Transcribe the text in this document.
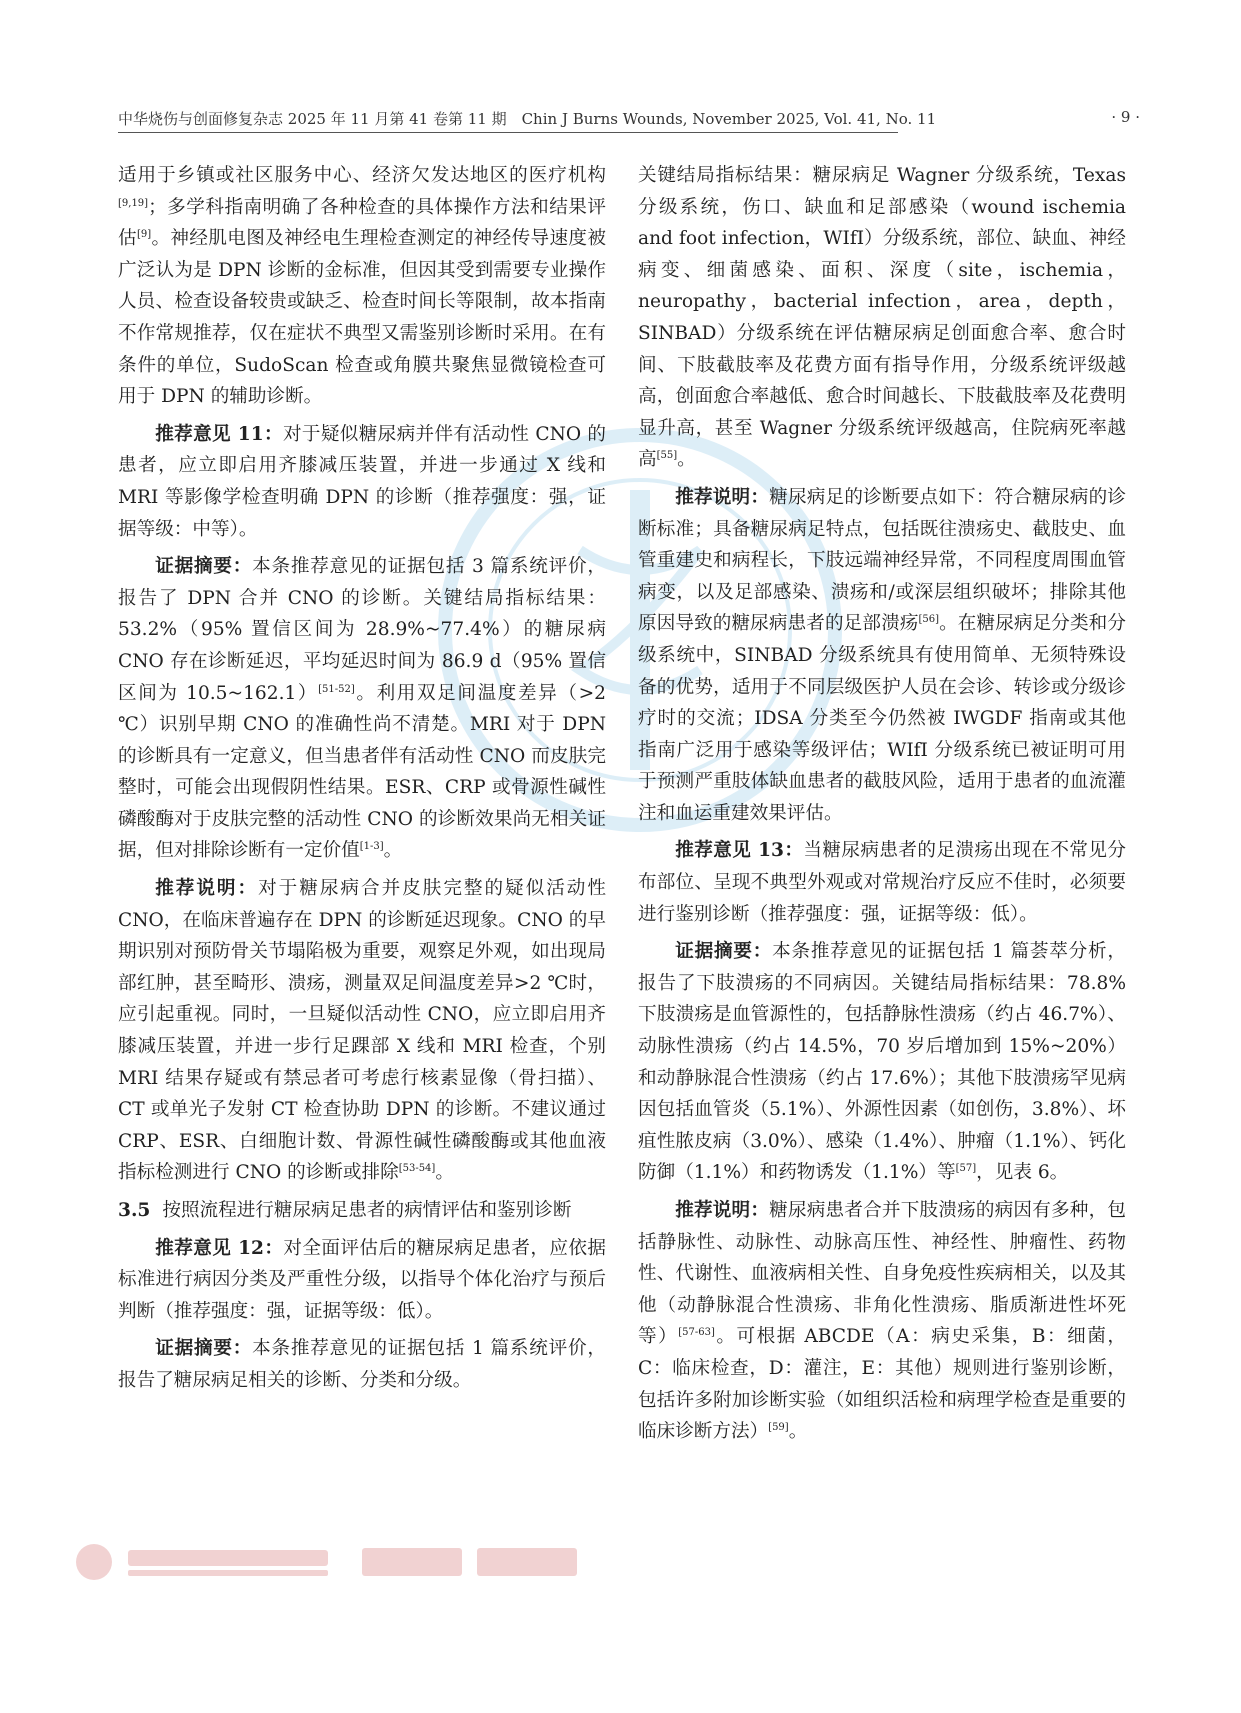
中华烧伤与创面修复杂志 2025 年 11 月第 41 卷第 11 期　Chin J Burns Wounds, November 2025, Vol. 41, No. 11	· 9 ·

适用于乡镇或社区服务中心、经济欠发达地区的医疗机构[9,19]；多学科指南明确了各种检查的具体操作方法和结果评估[9]。神经肌电图及神经电生理检查测定的神经传导速度被广泛认为是 DPN 诊断的金标准，但因其受到需要专业操作人员、检查设备较贵或缺乏、检查时间长等限制，故本指南不作常规推荐，仅在症状不典型又需鉴别诊断时采用。在有条件的单位，SudoScan 检查或角膜共聚焦显微镜检查可用于 DPN 的辅助诊断。

推荐意见 11：对于疑似糖尿病并伴有活动性 CNO 的患者，应立即启用齐膝减压装置，并进一步通过 X 线和 MRI 等影像学检查明确 DPN 的诊断（推荐强度：强，证据等级：中等）。

证据摘要：本条推荐意见的证据包括 3 篇系统评价，报告了 DPN 合并 CNO 的诊断。关键结局指标结果：53.2%（95% 置信区间为 28.9%~77.4%）的糖尿病 CNO 存在诊断延迟，平均延迟时间为 86.9 d（95% 置信区间为 10.5~162.1）[51-52]。利用双足间温度差异（>2 ℃）识别早期 CNO 的准确性尚不清楚。MRI 对于 DPN 的诊断具有一定意义，但当患者伴有活动性 CNO 而皮肤完整时，可能会出现假阴性结果。ESR、CRP 或骨源性碱性磷酸酶对于皮肤完整的活动性 CNO 的诊断效果尚无相关证据，但对排除诊断有一定价值[1-3]。

推荐说明：对于糖尿病合并皮肤完整的疑似活动性 CNO，在临床普遍存在 DPN 的诊断延迟现象。CNO 的早期识别对预防骨关节塌陷极为重要，观察足外观，如出现局部红肿，甚至畸形、溃疡，测量双足间温度差异>2 ℃时，应引起重视。同时，一旦疑似活动性 CNO，应立即启用齐膝减压装置，并进一步行足踝部 X 线和 MRI 检查，个别 MRI 结果存疑或有禁忌者可考虑行核素显像（骨扫描）、CT 或单光子发射 CT 检查协助 DPN 的诊断。不建议通过 CRP、ESR、白细胞计数、骨源性碱性磷酸酶或其他血液指标检测进行 CNO 的诊断或排除[53-54]。

3.5 按照流程进行糖尿病足患者的病情评估和鉴别诊断

推荐意见 12：对全面评估后的糖尿病足患者，应依据标准进行病因分类及严重性分级，以指导个体化治疗与预后判断（推荐强度：强，证据等级：低）。

证据摘要：本条推荐意见的证据包括 1 篇系统评价，报告了糖尿病足相关的诊断、分类和分级。

关键结局指标结果：糖尿病足 Wagner 分级系统，Texas 分级系统，伤口、缺血和足部感染（wound ischemia and foot infection，WIfI）分级系统，部位、缺血、神经病变、细菌感染、面积、深度（site，ischemia，neuropathy，bacterial infection，area，depth，SINBAD）分级系统在评估糖尿病足创面愈合率、愈合时间、下肢截肢率及花费方面有指导作用，分级系统评级越高，创面愈合率越低、愈合时间越长、下肢截肢率及花费明显升高，甚至 Wagner 分级系统评级越高，住院病死率越高[55]。

推荐说明：糖尿病足的诊断要点如下：符合糖尿病的诊断标准；具备糖尿病足特点，包括既往溃疡史、截肢史、血管重建史和病程长，下肢远端神经异常，不同程度周围血管病变，以及足部感染、溃疡和/或深层组织破坏；排除其他原因导致的糖尿病患者的足部溃疡[56]。在糖尿病足分类和分级系统中，SINBAD 分级系统具有使用简单、无须特殊设备的优势，适用于不同层级医护人员在会诊、转诊或分级诊疗时的交流；IDSA 分类至今仍然被 IWGDF 指南或其他指南广泛用于感染等级评估；WIfI 分级系统已被证明可用于预测严重肢体缺血患者的截肢风险，适用于患者的血流灌注和血运重建效果评估。

推荐意见 13：当糖尿病患者的足溃疡出现在不常见分布部位、呈现不典型外观或对常规治疗反应不佳时，必须要进行鉴别诊断（推荐强度：强，证据等级：低）。

证据摘要：本条推荐意见的证据包括 1 篇荟萃分析，报告了下肢溃疡的不同病因。关键结局指标结果：78.8% 下肢溃疡是血管源性的，包括静脉性溃疡（约占 46.7%）、动脉性溃疡（约占 14.5%，70 岁后增加到 15%~20%）和动静脉混合性溃疡（约占 17.6%）；其他下肢溃疡罕见病因包括血管炎（5.1%）、外源性因素（如创伤，3.8%）、坏疽性脓皮病（3.0%）、感染（1.4%）、肿瘤（1.1%）、钙化防御（1.1%）和药物诱发（1.1%）等[57]，见表 6。

推荐说明：糖尿病患者合并下肢溃疡的病因有多种，包括静脉性、动脉性、动脉高压性、神经性、肿瘤性、药物性、代谢性、血液病相关性、自身免疫性疾病相关，以及其他（动静脉混合性溃疡、非角化性溃疡、脂质渐进性坏死等）[57-63]。可根据 ABCDE（A：病史采集，B：细菌，C：临床检查，D：灌注，E：其他）规则进行鉴别诊断，包括许多附加诊断实验（如组织活检和病理学检查是重要的临床诊断方法）[59]。
